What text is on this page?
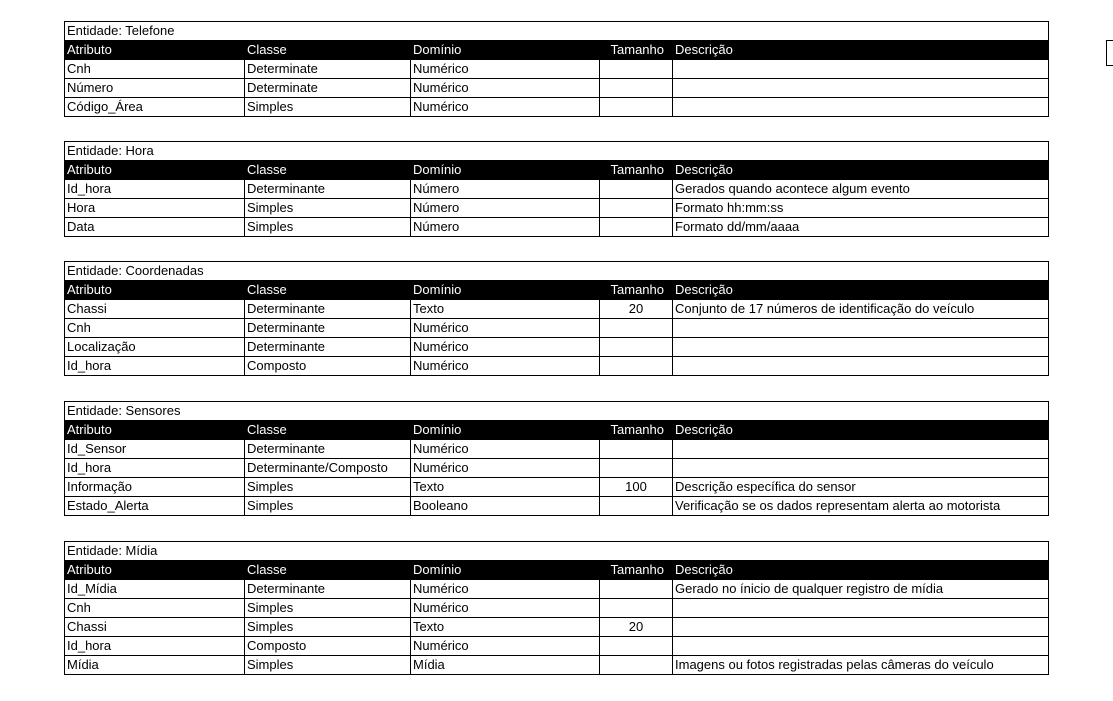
Entidade: Telefone				
Atributo	Classe	Domínio	Tamanho	Descrição
Cnh	Determinate	Numérico		
Número	Determinate	Numérico		
Código_Área	Simples	Numérico		
Entidade: Hora				
Atributo	Classe	Domínio	Tamanho	Descrição
Id_hora	Determinante	Número		Gerados quando acontece algum evento
Hora	Simples	Número		Formato hh:mm:ss
Data	Simples	Número		Formato dd/mm/aaaa
Entidade: Coordenadas				
Atributo	Classe	Domínio	Tamanho	Descrição
Chassi	Determinante	Texto	20	Conjunto de 17 números de identificação do veículo
Cnh	Determinante	Numérico		
Localização	Determinante	Numérico		
Id_hora	Composto	Numérico		
Entidade: Sensores				
Atributo	Classe	Domínio	Tamanho	Descrição
Id_Sensor	Determinante	Numérico		
Id_hora	Determinante/Composto	Numérico		
Informação	Simples	Texto	100	Descrição específica do sensor
Estado_Alerta	Simples	Booleano		Verificação se os dados representam alerta ao motorista
Entidade: Mídia				
Atributo	Classe	Domínio	Tamanho	Descrição
Id_Mídia	Determinante	Numérico		Gerado no ínicio de qualquer registro de mídia
Cnh	Simples	Numérico		
Chassi	Simples	Texto	20	
Id_hora	Composto	Numérico		
Mídia	Simples	Mídia		Imagens ou fotos registradas pelas câmeras do veículo
